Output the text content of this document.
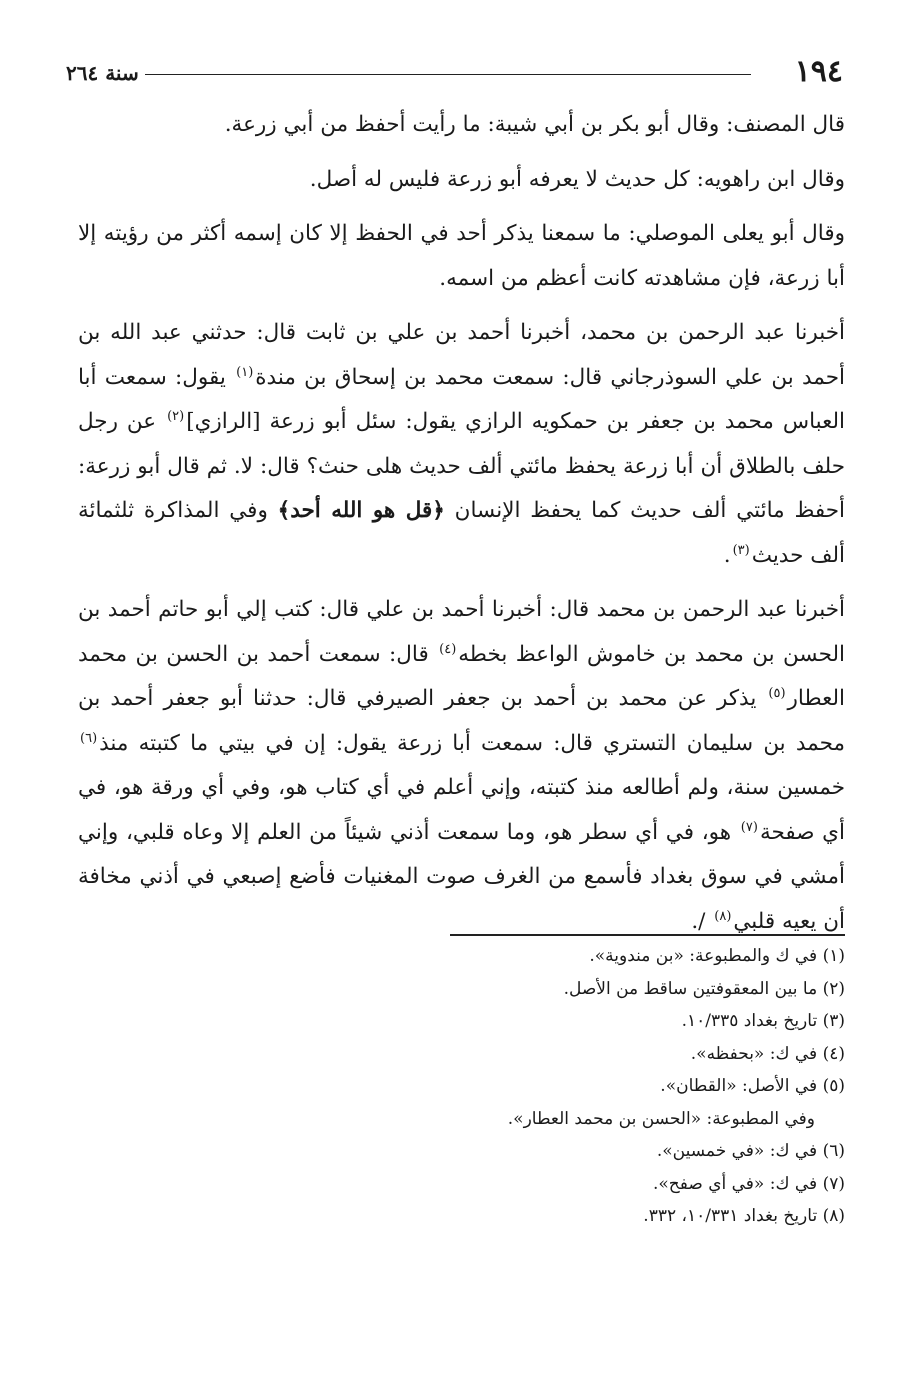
١٩٤
سنة ٢٦٤

قال المصنف: وقال أبو بكر بن أبي شيبة: ما رأيت أحفظ من أبي زرعة.

وقال ابن راهويه: كل حديث لا يعرفه أبو زرعة فليس له أصل.

وقال أبو يعلى الموصلي: ما سمعنا يذكر أحد في الحفظ إلا كان إسمه أكثر من رؤيته إلا أبا زرعة، فإن مشاهدته كانت أعظم من اسمه.

أخبرنا عبد الرحمن بن محمد، أخبرنا أحمد بن علي بن ثابت قال: حدثني عبد الله بن أحمد بن علي السوذرجاني قال: سمعت محمد بن إسحاق بن مندة$^{(١)}$ يقول: سمعت أبا العباس محمد بن جعفر بن حمكويه الرازي يقول: سئل أبو زرعة [الرازي]$^{(٢)}$ عن رجل حلف بالطلاق أن أبا زرعة يحفظ مائتي ألف حديث هلى حنث؟ قال: لا. ثم قال أبو زرعة: أحفظ مائتي ألف حديث كما يحفظ الإنسان ﴿قل هو الله أحد﴾ وفي المذاكرة ثلثمائة ألف حديث$^{(٣)}$.

أخبرنا عبد الرحمن بن محمد قال: أخبرنا أحمد بن علي قال: كتب إلي أبو حاتم أحمد بن الحسن بن محمد بن خاموش الواعظ بخطه$^{(٤)}$ قال: سمعت أحمد بن الحسن بن محمد العطار$^{(٥)}$ يذكر عن محمد بن أحمد بن جعفر الصيرفي قال: حدثنا أبو جعفر أحمد بن محمد بن سليمان التستري قال: سمعت أبا زرعة يقول: إن في بيتي ما كتبته منذ$^{(٦)}$ خمسين سنة، ولم أطالعه منذ كتبته، وإني أعلم في أي كتاب هو، وفي أي ورقة هو، في أي صفحة$^{(٧)}$ هو، في أي سطر هو، وما سمعت أذني شيئاً من العلم إلا وعاه قلبي، وإني أمشي في سوق بغداد فأسمع من الغرف صوت المغنيات فأضع إصبعي في أذني مخافة أن يعيه قلبي$^{(٨)}$ /.

(١) في ك والمطبوعة: «بن مندوية».
(٢) ما بين المعقوفتين ساقط من الأصل.
(٣) تاريخ بغداد ١٠/٣٣٥.
(٤) في ك: «بحفظه».
(٥) في الأصل: «القطان».
وفي المطبوعة: «الحسن بن محمد العطار».
(٦) في ك: «في خمسين».
(٧) في ك: «في أي صفح».
(٨) تاريخ بغداد ١٠/٣٣١، ٣٣٢.
